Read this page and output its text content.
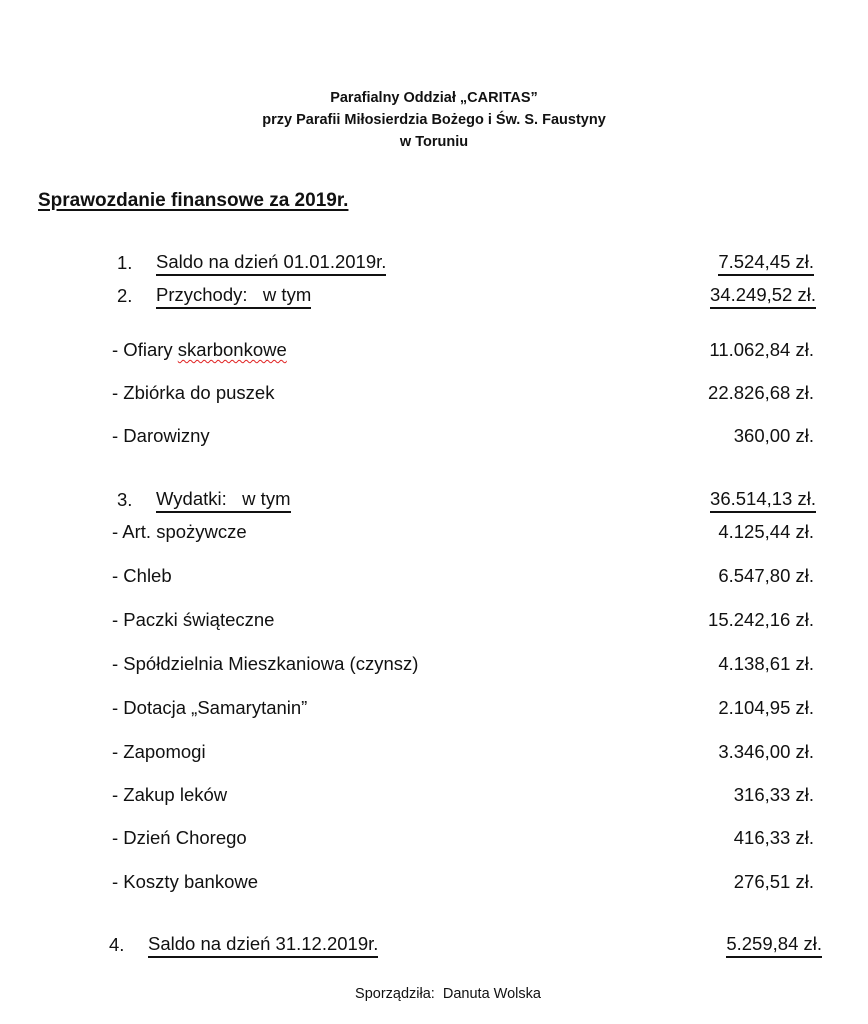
Parafialny Oddział „CARITAS”
przy Parafii Miłosierdzia Bożego i Św. S. Faustyny
w Toruniu
Sprawozdanie finansowe za 2019r.
1. Saldo na dzień 01.01.2019r.	7.524,45 zł.
2. Przychody:   w tym	34.249,52 zł.
- Ofiary skarbonkowe	11.062,84 zł.
- Zbiórka do puszek	22.826,68 zł.
- Darowizny	360,00 zł.
3. Wydatki:   w tym	36.514,13 zł.
- Art. spożywcze	4.125,44 zł.
- Chleb	6.547,80 zł.
- Paczki świąteczne	15.242,16 zł.
- Spółdzielnia Mieszkaniowa (czynsz)	4.138,61 zł.
- Dotacja „Samarytanin”	2.104,95 zł.
- Zapomogi	3.346,00 zł.
- Zakup leków	316,33 zł.
- Dzień Chorego	416,33 zł.
- Koszty bankowe	276,51 zł.
4. Saldo na dzień 31.12.2019r.	5.259,84 zł.
Sporządziła:  Danuta Wolska
